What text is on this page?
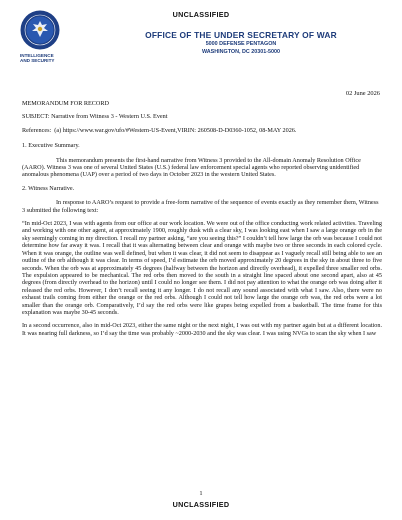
UNCLASSIFIED
INTELLIGENCE
AND SECURITY
OFFICE OF THE UNDER SECRETARY OF WAR
5000 DEFENSE PENTAGON
WASHINGTON, DC 20301-5000
02 June 2026
MEMORANDUM FOR RECORD
SUBJECT: Narrative from Witness 3 - Western U.S. Event
References: (a) https://www.war.gov/ufo/#Western-US-Event,VIRIN: 260508-D-D0360-1052, 08-MAY 2026.
1. Executive Summary.

This memorandum presents the first-hand narrative from Witness 3 provided to the All-domain Anomaly Resolution Office (AARO). Witness 3 was one of several United States (U.S.) federal law enforcement special agents who reported observing unidentified anomalous phenomena (UAP) over a period of two days in October 2023 in the western United States.

2. Witness Narrative.

In response to AARO’s request to provide a free-form narrative of the sequence of events exactly as they remember them, Witness 3 submitted the following text:

“In mid-Oct 2023, I was with agents from our office at our work location. We were out of the office conducting work related activities. Traveling and working with one other agent, at approximately 1900, roughly dusk with a clear sky, I was looking east when I saw a large orange orb in the sky seemingly coming in my direction. I recall my partner asking, “are you seeing this?” I couldn’t tell how large the orb was because I could not determine how far away it was. I recall that it was alternating between clear and orange with maybe two or three seconds in each colored cycle. When it was orange, the outline was well defined, but when it was clear, it did not seem to disappear as I vaguely recall still being able to see an outline of the orb although it was clear. In terms of speed, I’d estimate the orb moved approximately 20 degrees in the sky in about three to five seconds. When the orb was at approximately 45 degrees (halfway between the horizon and directly overhead), it expelled three smaller red orbs. The expulsion appeared to be mechanical. The red orbs then moved to the south in a straight line spaced about one second apart, also at 45 degrees (from directly overhead to the horizon) until I could no longer see them. I did not pay attention to what the orange orb was doing after it released the red orbs. However, I don’t recall seeing it any longer. I do not recall any sound associated with what I saw. Also, there were no exhaust trails coming from either the orange or the red orbs. Although I could not tell how large the orange orb was, the red orbs were a lot smaller than the orange orb. Comparatively, I’d say the red orbs were like grapes being expelled from a basketball. The time frame for this explanation was maybe 30-45 seconds.

In a second occurrence, also in mid-Oct 2023, either the same night or the next night, I was out with my partner again but at a different location. It was nearing full darkness, so I’d say the time was probably ~2000-2030 and the sky was clear. I was using NVGs to scan the sky when I saw

1
UNCLASSIFIED
